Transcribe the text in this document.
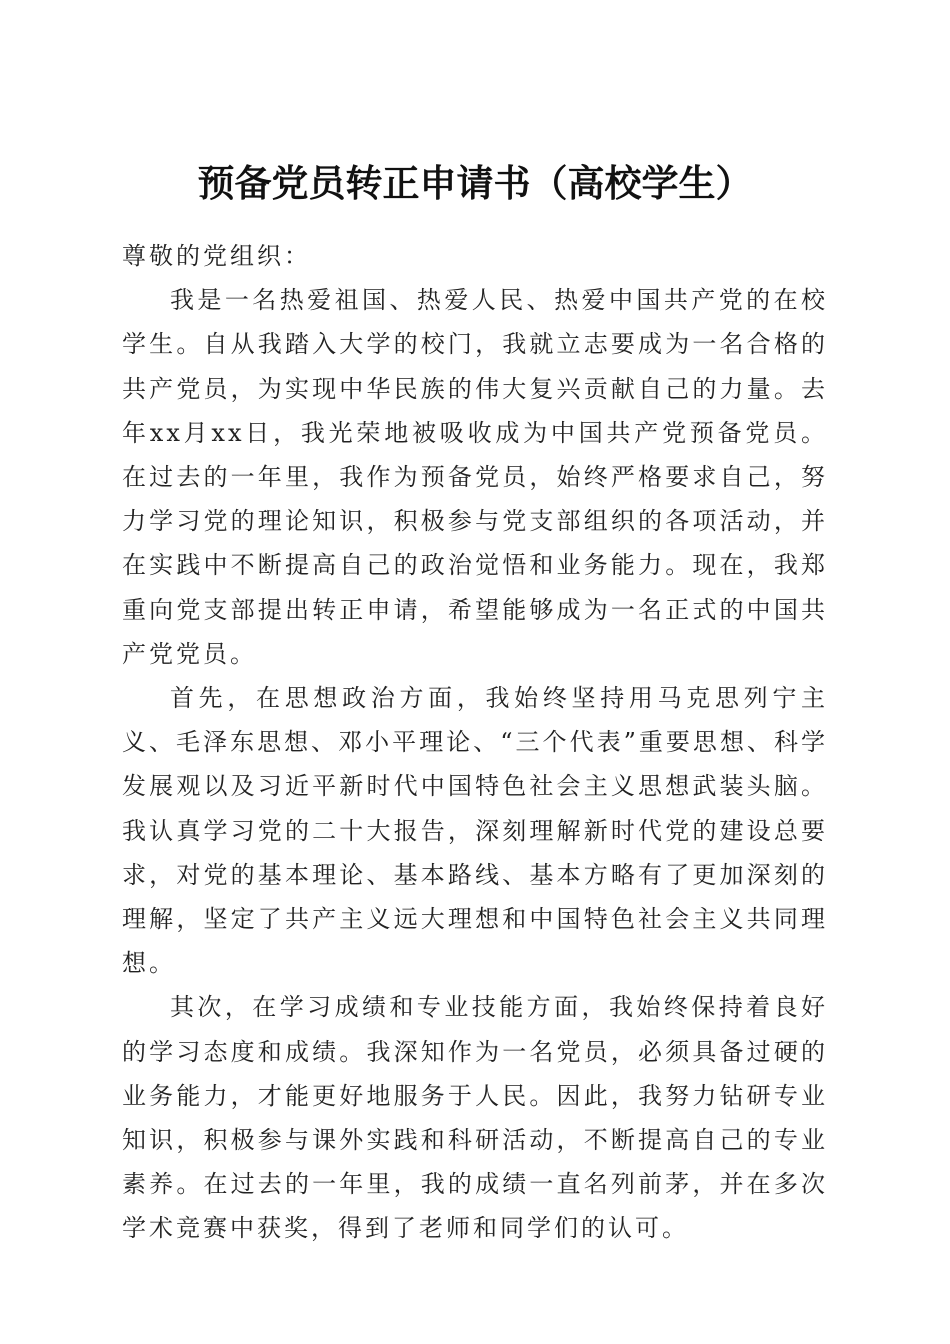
预备党员转正申请书（高校学生）

尊敬的党组织：

我是一名热爱祖国、热爱人民、热爱中国共产党的在校学生。自从我踏入大学的校门，我就立志要成为一名合格的共产党员，为实现中华民族的伟大复兴贡献自己的力量。去年xx月xx日，我光荣地被吸收成为中国共产党预备党员。在过去的一年里，我作为预备党员，始终严格要求自己，努力学习党的理论知识，积极参与党支部组织的各项活动，并在实践中不断提高自己的政治觉悟和业务能力。现在，我郑重向党支部提出转正申请，希望能够成为一名正式的中国共产党党员。

首先，在思想政治方面，我始终坚持用马克思列宁主义、毛泽东思想、邓小平理论、“三个代表”重要思想、科学发展观以及习近平新时代中国特色社会主义思想武装头脑。我认真学习党的二十大报告，深刻理解新时代党的建设总要求，对党的基本理论、基本路线、基本方略有了更加深刻的理解，坚定了共产主义远大理想和中国特色社会主义共同理想。

其次，在学习成绩和专业技能方面，我始终保持着良好的学习态度和成绩。我深知作为一名党员，必须具备过硬的业务能力，才能更好地服务于人民。因此，我努力钻研专业知识，积极参与课外实践和科研活动，不断提高自己的专业素养。在过去的一年里，我的成绩一直名列前茅，并在多次学术竞赛中获奖，得到了老师和同学们的认可。
